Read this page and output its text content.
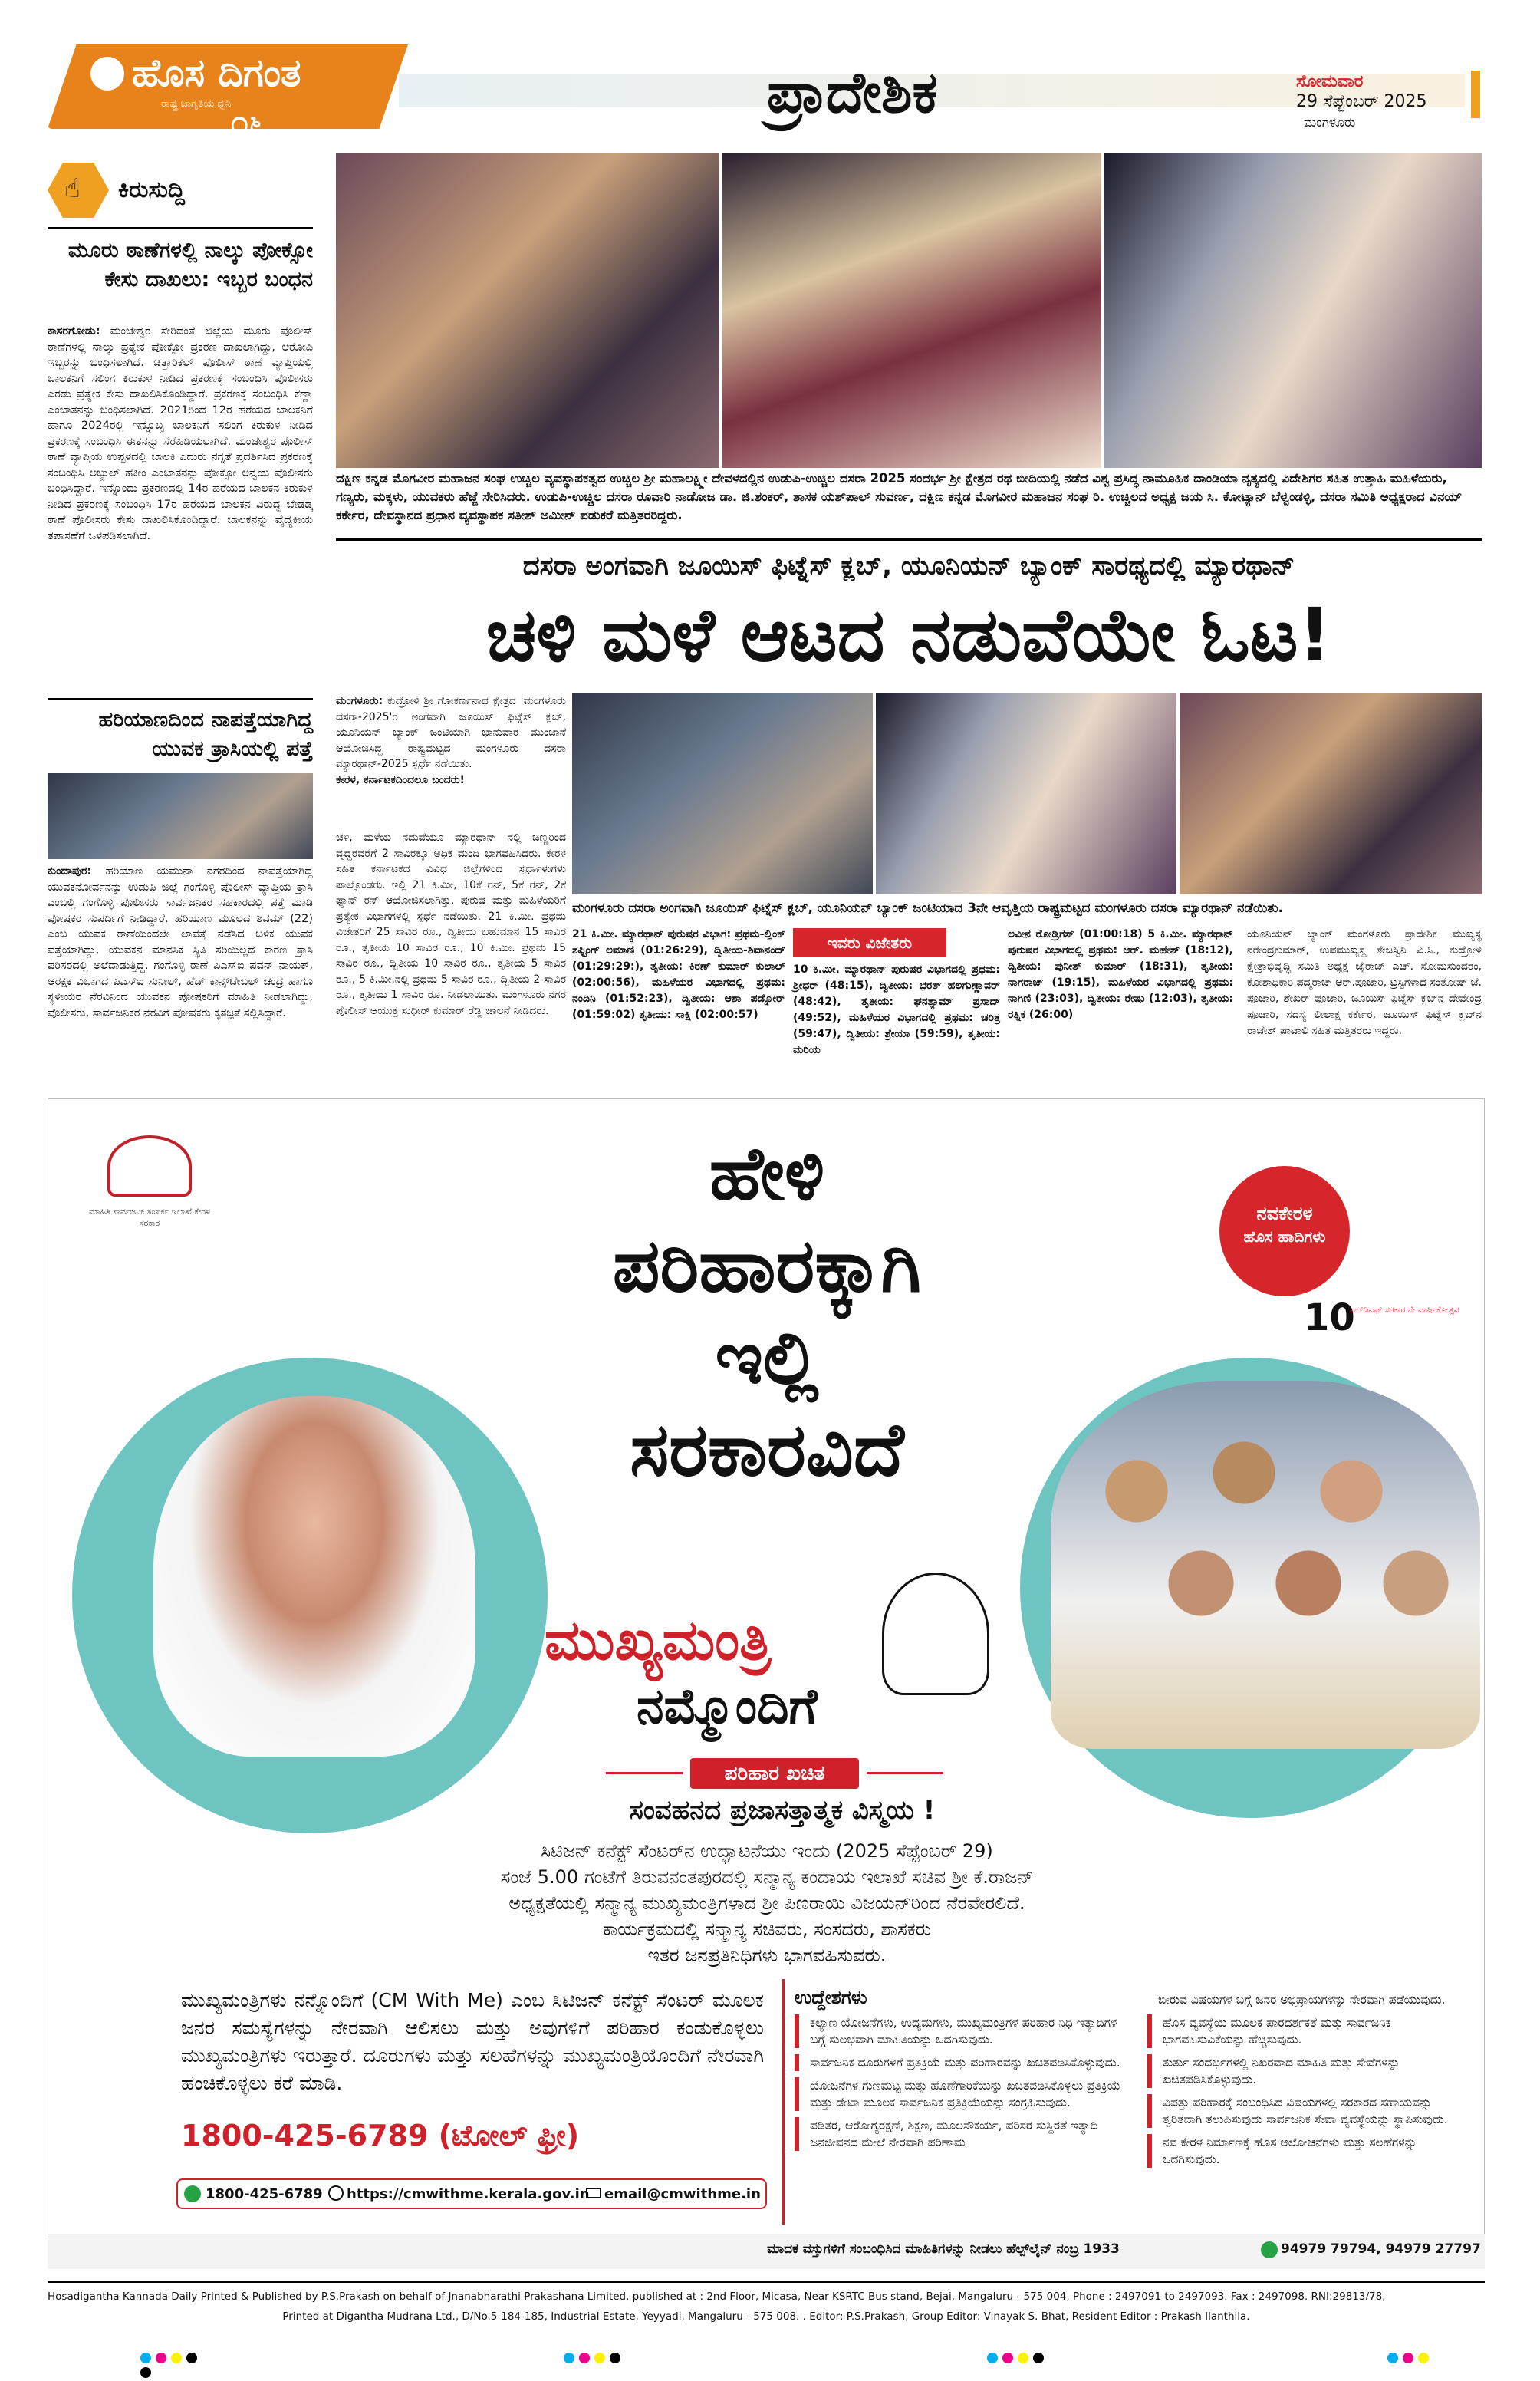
ಹೊಸ ದಿಗಂತ
ರಾಷ್ಟ್ರ ಜಾಗೃತಿಯ ಧ್ವನಿ
೦೬	ಪ್ರಾದೇಶಿಕ	ಸೋಮವಾರ
29 ಸೆಪ್ಟೆಂಬರ್ 2025
ಮಂಗಳೂರು
☝ ಕಿರುಸುದ್ದಿ
ಮೂರು ಠಾಣೆಗಳಲ್ಲಿ ನಾಲ್ಕು ಪೋಕ್ಸೋ ಕೇಸು ದಾಖಲು: ಇಬ್ಬರ ಬಂಧನ
ಕಾಸರಗೋಡು: ಮಂಜೇಶ್ವರ ಸೇರಿದಂತೆ ಜಿಲ್ಲೆಯ ಮೂರು ಪೊಲೀಸ್ ಠಾಣೆಗಳಲ್ಲಿ ನಾಲ್ಕು ಪ್ರತ್ಯೇಕ ಪೋಕ್ಸೋ ಪ್ರಕರಣ ದಾಖಲಾಗಿದ್ದು, ಆರೋಪಿ ಇಬ್ಬರನ್ನು ಬಂಧಿಸಲಾಗಿದೆ. ಚಿತ್ತಾರಿಕಲ್ ಪೊಲೀಸ್ ಠಾಣೆ ವ್ಯಾಪ್ತಿಯಲ್ಲಿ ಬಾಲಕನಿಗೆ ಸಲಿಂಗ ಕಿರುಕುಳ ನೀಡಿದ ಪ್ರಕರಣಕ್ಕೆ ಸಂಬಂಧಿಸಿ ಪೊಲೀಸರು ಎರಡು ಪ್ರತ್ಯೇಕ ಕೇಸು ದಾಖಲಿಸಿಕೊಂಡಿದ್ದಾರೆ. ಪ್ರಕರಣಕ್ಕೆ ಸಂಬಂಧಿಸಿ ಕೆಣ್ಣಾ ಎಂಬಾತನನ್ನು ಬಂಧಿಸಲಾಗಿದೆ. 2021ರಿಂದ 12ರ ಹರೆಯದ ಬಾಲಕನಿಗೆ ಹಾಗೂ 2024ರಲ್ಲಿ ಇನ್ನೊಬ್ಬ ಬಾಲಕನಿಗೆ ಸಲಿಂಗ ಕಿರುಕುಳ ನೀಡಿದ ಪ್ರಕರಣಕ್ಕೆ ಸಂಬಂಧಿಸಿ ಈತನನ್ನು ಸೆರೆಹಿಡಿಯಲಾಗಿದೆ. ಮಂಜೇಶ್ವರ ಪೊಲೀಸ್ ಠಾಣೆ ವ್ಯಾಪ್ತಿಯ ಉಪ್ಪಳದಲ್ಲಿ ಬಾಲಕಿ ಎದುರು ನಗ್ನತೆ ಪ್ರದರ್ಶಿಸಿದ ಪ್ರಕರಣಕ್ಕೆ ಸಂಬಂಧಿಸಿ ಅಬ್ದುಲ್ ಹಕೀಂ ಎಂಬಾತನನ್ನು ಪೋಕ್ಸೋ ಅನ್ವಯ ಪೊಲೀಸರು ಬಂಧಿಸಿದ್ದಾರೆ. ಇನ್ನೊಂದು ಪ್ರಕರಣದಲ್ಲಿ 14ರ ಹರೆಯದ ಬಾಲಕನ ಕಿರುಕುಳ ನೀಡಿದ ಪ್ರಕರಣಕ್ಕೆ ಸಂಬಂಧಿಸಿ 17ರ ಹರೆಯದ ಬಾಲಕನ ವಿರುದ್ಧ ಬೇಡಡ್ಕ ಠಾಣೆ ಪೊಲೀಸರು ಕೇಸು ದಾಖಲಿಸಿಕೊಂಡಿದ್ದಾರೆ. ಬಾಲಕನನ್ನು ವೈದ್ಯಕೀಯ ತಪಾಸಣೆಗೆ ಒಳಪಡಿಸಲಾಗಿದೆ.
ಹರಿಯಾಣದಿಂದ ನಾಪತ್ತೆಯಾಗಿದ್ದ ಯುವಕ ತ್ರಾಸಿಯಲ್ಲಿ ಪತ್ತೆ
ಕುಂದಾಪುರ: ಹರಿಯಾಣ ಯಮುನಾ ನಗರದಿಂದ ನಾಪತ್ತೆಯಾಗಿದ್ದ ಯುವಕನೋರ್ವನನ್ನು ಉಡುಪಿ ಜಿಲ್ಲೆ ಗಂಗೊಳ್ಳಿ ಪೊಲೀಸ್ ವ್ಯಾಪ್ತಿಯ ತ್ರಾಸಿ ಎಂಬಲ್ಲಿ ಗಂಗೊಳ್ಳಿ ಪೊಲೀಸರು ಸಾರ್ವಜನಿಕರ ಸಹಕಾರದಲ್ಲಿ ಪತ್ತೆ ಮಾಡಿ ಪೋಷಕರ ಸುಪರ್ದಿಗೆ ನೀಡಿದ್ದಾರೆ. ಹರಿಯಾಣ ಮೂಲದ ಶಿವಮ್ (22) ಎಂಬ ಯುವಕ ಠಾಣೆಯಿಂದಲೇ ಲಾಪತ್ತೆ ನಡೆಸಿದ ಬಳಿಕ ಯುವಕ ಪತ್ತೆಯಾಗಿದ್ದು, ಯುವಕನ ಮಾನಸಿಕ ಸ್ಥಿತಿ ಸರಿಯಿಲ್ಲದ ಕಾರಣ ತ್ರಾಸಿ ಪರಿಸರದಲ್ಲಿ ಅಲೆದಾಡುತ್ತಿದ್ದ. ಗಂಗೊಳ್ಳಿ ಠಾಣೆ ಪಿಎಸ್ಐ ಪವನ್ ನಾಯಕ್, ಆರಕ್ಷಕ ವಿಭಾಗದ ಪಿಎಸ್ಐ ಸುನೀಲ್, ಹೆಡ್ ಕಾನ್ಸ್‌ಟೇಬಲ್ ಚಂದ್ರ ಹಾಗೂ ಸ್ಥಳೀಯರ ನೆರವಿನಿಂದ ಯುವಕನ ಪೋಷಕರಿಗೆ ಮಾಹಿತಿ ನೀಡಲಾಗಿದ್ದು, ಪೊಲೀಸರು, ಸಾರ್ವಜನಿಕರ ನೆರವಿಗೆ ಪೋಷಕರು ಕೃತಜ್ಞತೆ ಸಲ್ಲಿಸಿದ್ದಾರೆ.
ದಕ್ಷಿಣ ಕನ್ನಡ ಮೊಗವೀರ ಮಹಾಜನ ಸಂಘ ಉಚ್ಚಿಲ ವ್ಯವಸ್ಥಾಪಕತ್ವದ ಉಚ್ಚಿಲ ಶ್ರೀ ಮಹಾಲಕ್ಷ್ಮೀ ದೇವಳದಲ್ಲಿನ ಉಡುಪಿ-ಉಚ್ಚಿಲ ದಸರಾ 2025 ಸಂದರ್ಭ ಶ್ರೀ ಕ್ಷೇತ್ರದ ರಥ ಬೀದಿಯಲ್ಲಿ ನಡೆದ ವಿಶ್ವ ಪ್ರಸಿದ್ಧ ನಾಮೂಹಿಕ ದಾಂಡಿಯಾ ನೃತ್ಯದಲ್ಲಿ ವಿದೇಶಿಗರ ಸಹಿತ ಉತ್ತಾಹಿ ಮಹಿಳೆಯರು, ಗಣ್ಯರು, ಮಕ್ಕಳು, ಯುವಕರು ಹೆಜ್ಜೆ ಸೇರಿಸಿದರು. ಉಡುಪಿ-ಉಚ್ಚಿಲ ದಸರಾ ರೂವಾರಿ ನಾಡೋಜ ಡಾ. ಜಿ.ಶಂಕರ್, ಶಾಸಕ ಯಶ್‌ಪಾಲ್ ಸುವರ್ಣ, ದಕ್ಷಿಣ ಕನ್ನಡ ಮೊಗವೀರ ಮಹಾಜನ ಸಂಘ ರಿ. ಉಚ್ಚಿಲದ ಅಧ್ಯಕ್ಷ ಜಯ ಸಿ. ಕೋಟ್ಯಾನ್ ಬೆಳ್ವಂಡಳ್ಳಿ, ದಸರಾ ಸಮಿತಿ ಅಧ್ಯಕ್ಷರಾದ ವಿನಯ್ ಕರ್ಕೇರ, ದೇವಸ್ಥಾನದ ಪ್ರಧಾನ ವ್ಯವಸ್ಥಾಪಕ ಸತೀಶ್ ಅಮೀನ್ ಪಡುಕರೆ ಮತ್ತಿತರರಿದ್ದರು.
ದಸರಾ ಅಂಗವಾಗಿ ಜೂಯಿಸ್ ಫಿಟ್ನೆಸ್ ಕ್ಲಬ್, ಯೂನಿಯನ್ ಬ್ಯಾಂಕ್ ಸಾರಥ್ಯದಲ್ಲಿ ಮ್ಯಾರಥಾನ್
ಚಳಿ ಮಳೆ ಆಟದ ನಡುವೆಯೇ ಓಟ!
ಮಂಗಳೂರು: ಕುದ್ರೋಳಿ ಶ್ರೀ ಗೋಕರ್ಣನಾಥ ಕ್ಷೇತ್ರದ 'ಮಂಗಳೂರು ದಸರಾ-2025'ರ ಅಂಗವಾಗಿ ಜೂಯಿಸ್ ಫಿಟ್ನೆಸ್ ಕ್ಲಬ್, ಯೂನಿಯನ್ ಬ್ಯಾಂಕ್ ಜಂಟಿಯಾಗಿ ಭಾನುವಾರ ಮುಂಜಾನೆ ಆಯೋಜಿಸಿದ್ದ ರಾಷ್ಟ್ರಮಟ್ಟದ ಮಂಗಳೂರು ದಸರಾ ಮ್ಯಾರಥಾನ್-2025 ಸ್ಪರ್ಧೆ ನಡೆಯಿತು.
ಕೇರಳ, ಕರ್ನಾಟಕದಿಂದಲೂ ಬಂದರು!
ಚಳಿ, ಮಳೆಯ ನಡುವೆಯೂ ಮ್ಯಾರಥಾನ್ ನಲ್ಲಿ ಚಿಣ್ಣರಿಂದ ವೃದ್ಧರವರೆಗೆ 2 ಸಾವಿರಕ್ಕೂ ಅಧಿಕ ಮಂದಿ ಭಾಗವಹಿಸಿದರು. ಕೇರಳ ಸಹಿತ ಕರ್ನಾಟಕದ ವಿವಿಧ ಜಿಲ್ಲೆಗಳಿಂದ ಸ್ಪರ್ಧಾಳುಗಳು ಪಾಲ್ಗೊಂಡರು. ಇಲ್ಲಿ 21 ಕಿ.ಮೀ, 10ಕೆ ರನ್, 5ಕೆ ರನ್, 2ಕೆ ಫ್ಯಾನ್ ರನ್ ಆಯೋಜಿಸಲಾಗಿತ್ತು. ಪುರುಷ ಮತ್ತು ಮಹಿಳೆಯರಿಗೆ ಪ್ರತ್ಯೇಕ ವಿಭಾಗಗಳಲ್ಲಿ ಸ್ಪರ್ಧೆ ನಡೆಯಿತು. 21 ಕಿ.ಮೀ. ಪ್ರಥಮ ವಿಜೇತರಿಗೆ 25 ಸಾವಿರ ರೂ., ದ್ವಿತೀಯ ಬಹುಮಾನ 15 ಸಾವಿರ ರೂ., ತೃತೀಯ 10 ಸಾವಿರ ರೂ., 10 ಕಿ.ಮೀ. ಪ್ರಥಮ 15 ಸಾವಿರ ರೂ., ದ್ವಿತೀಯ 10 ಸಾವಿರ ರೂ., ತೃತೀಯ 5 ಸಾವಿರ ರೂ., 5 ಕಿ.ಮೀ.ನಲ್ಲಿ ಪ್ರಥಮ 5 ಸಾವಿರ ರೂ., ದ್ವಿತೀಯ 2 ಸಾವಿರ ರೂ., ತೃತೀಯ 1 ಸಾವಿರ ರೂ. ನೀಡಲಾಯಿತು. ಮಂಗಳೂರು ನಗರ ಪೊಲೀಸ್ ಆಯುಕ್ತ ಸುಧೀರ್ ಕುಮಾರ್ ರೆಡ್ಡಿ ಚಾಲನೆ ನೀಡಿದರು.
ಮಂಗಳೂರು ದಸರಾ ಅಂಗವಾಗಿ ಜೂಯಿಸ್ ಫಿಟ್ನೆಸ್ ಕ್ಲಬ್, ಯೂನಿಯನ್ ಬ್ಯಾಂಕ್ ಜಂಟಿಯಾದ 3ನೇ ಆವೃತ್ತಿಯ ರಾಷ್ಟ್ರಮಟ್ಟದ ಮಂಗಳೂರು ದಸರಾ ಮ್ಯಾರಥಾನ್ ನಡೆಯಿತು.
21 ಕಿ.ಮೀ. ಮ್ಯಾರಥಾನ್ ಪುರುಷರ ವಿಭಾಗ: ಪ್ರಥಮ-ಲ್ಲಿಂಕ್ ಶಫ್ಟಿಂಗ್ ಲಮಾಣಿ (01:26:29), ದ್ವಿತೀಯ-ಶಿವಾನಂದ್ (01:29:29:), ತೃತೀಯ: ಕಿರಣ್ ಕುಮಾರ್ ಕುಲಾಲ್ (02:00:56), ಮಹಿಳೆಯರ ವಿಭಾಗದಲ್ಲಿ ಪ್ರಥಮ: ನಂದಿನಿ (01:52:23), ದ್ವಿತೀಯ: ಆಶಾ ಪಡ್ನೋರ್ (01:59:02) ತೃತೀಯ: ಸಾಕ್ಷಿ (02:00:57)
ಇವರು ವಿಜೇತರು
10 ಕಿ.ಮೀ. ಮ್ಯಾರಥಾನ್ ಪುರುಷರ ವಿಭಾಗದಲ್ಲಿ ಪ್ರಥಮ: ಶ್ರೀಧರ್ (48:15), ದ್ವಿತೀಯ: ಭರತ್ ಹಲಗುಣ್ಣಾವರ್ (48:42), ತೃತೀಯ: ಘನಶ್ಯಾಮ್ ಪ್ರಸಾದ್ (49:52), ಮಹಿಳೆಯರ ವಿಭಾಗದಲ್ಲಿ ಪ್ರಥಮ: ಚರಿತ್ರ (59:47), ದ್ವಿತೀಯ: ಶ್ರೇಯಾ (59:59), ತೃತೀಯ: ಮರಿಯ
ಲವೀನ ರೋಡ್ರಿಗಸ್ (01:00:18) 5 ಕಿ.ಮೀ. ಮ್ಯಾರಥಾನ್ ಪುರುಷರ ವಿಭಾಗದಲ್ಲಿ ಪ್ರಥಮ: ಆರ್. ಮಹೇಶ್ (18:12), ದ್ವಿತೀಯ: ಪುನೀತ್ ಕುಮಾರ್ (18:31), ತೃತೀಯ: ನಾಗರಾಜ್ (19:15), ಮಹಿಳೆಯರ ವಿಭಾಗದಲ್ಲಿ ಪ್ರಥಮ: ನಾಗಿಣಿ (23:03), ದ್ವಿತೀಯ: ರೇಷು (12:03), ತೃತೀಯ: ರತ್ನಿಕ (26:00)
ಯೂನಿಯನ್ ಬ್ಯಾಂಕ್ ಮಂಗಳೂರು ಪ್ರಾದೇಶಿಕ ಮುಖ್ಯಸ್ಥ ನರೇಂದ್ರಕುಮಾರ್, ಉಪಮುಖ್ಯಸ್ಥ ತೇಜಸ್ವಿನಿ ವಿ.ಸಿ., ಕುದ್ರೋಳಿ ಕ್ಷೇತ್ರಾಭಿವೃದ್ಧಿ ಸಮಿತಿ ಅಧ್ಯಕ್ಷ ಜೈರಾಜ್ ಎಚ್. ಸೋಮಸುಂದರಂ, ಕೋಶಾಧಿಕಾರಿ ಪದ್ಮರಾಜ್ ಆರ್.ಪೂಜಾರಿ, ಟ್ರಸ್ಟಿಗಳಾದ ಸಂತೋಷ್ ಜೆ. ಪೂಜಾರಿ, ಶೇಖರ್ ಪೂಜಾರಿ, ಜೂಯಿಸ್ ಫಿಟ್ನೆಸ್ ಕ್ಲಬ್‌ನ ದೇವೇಂದ್ರ ಪೂಜಾರಿ, ಸದಸ್ಯ ಲೀಲಾಕ್ಷ ಕರ್ಕೇರ, ಜೂಯಿಸ್ ಫಿಟ್ನೆಸ್ ಕ್ಲಬ್‌ನ ರಾಜೇಶ್ ಪಾಟಾಲಿ ಸಹಿತ ಮತ್ತಿತರರು ಇದ್ದರು.
ಮಾಹಿತಿ ಸಾರ್ವಜನಿಕ ಸಂಪರ್ಕ ಇಲಾಖೆ ಕೇರಳ ಸರಕಾರ	ನವಕೇರಳ
ಹೊಸ ಹಾದಿಗಳು
10
ಎಲ್‌ಡಿಎಫ್ ಸರಕಾರ ನೇ ವಾರ್ಷಿಕೋತ್ಸವ
ಹೇಳಿ
ಪರಿಹಾರಕ್ಕಾಗಿ
ಇಲ್ಲಿ
ಸರಕಾರವಿದೆ
ಮುಖ್ಯಮಂತ್ರಿ
ನಮ್ಮೊಂದಿಗೆ
ಪರಿಹಾರ ಖಚಿತ
ಸಂವಹನದ ಪ್ರಜಾಸತ್ತಾತ್ಮಕ ವಿಸ್ಮಯ !
ಸಿಟಿಜನ್ ಕನೆಕ್ಟ್ ಸೆಂಟರ್‌ನ ಉದ್ಘಾಟನೆಯು ಇಂದು (2025 ಸೆಪ್ಟೆಂಬರ್ 29)
ಸಂಜೆ 5.00 ಗಂಟೆಗೆ ತಿರುವನಂತಪುರದಲ್ಲಿ ಸನ್ಮಾನ್ಯ ಕಂದಾಯ ಇಲಾಖೆ ಸಚಿವ ಶ್ರೀ ಕೆ.ರಾಜನ್
ಅಧ್ಯಕ್ಷತೆಯಲ್ಲಿ ಸನ್ಮಾನ್ಯ ಮುಖ್ಯಮಂತ್ರಿಗಳಾದ ಶ್ರೀ ಪಿಣರಾಯಿ ವಿಜಯನ್‌ರಿಂದ ನೆರವೇರಲಿದೆ.
ಕಾರ್ಯಕ್ರಮದಲ್ಲಿ ಸನ್ಮಾನ್ಯ ಸಚಿವರು, ಸಂಸದರು, ಶಾಸಕರು
ಇತರ ಜನಪ್ರತಿನಿಧಿಗಳು ಭಾಗವಹಿಸುವರು.
ಮುಖ್ಯಮಂತ್ರಿಗಳು ನನ್ನೊಂದಿಗೆ (CM With Me) ಎಂಬ ಸಿಟಿಜನ್ ಕನೆಕ್ಟ್ ಸೆಂಟರ್ ಮೂಲಕ ಜನರ ಸಮಸ್ಯೆಗಳನ್ನು ನೇರವಾಗಿ ಆಲಿಸಲು ಮತ್ತು ಅವುಗಳಿಗೆ ಪರಿಹಾರ ಕಂಡುಕೊಳ್ಳಲು ಮುಖ್ಯಮಂತ್ರಿಗಳು ಇರುತ್ತಾರೆ. ದೂರುಗಳು ಮತ್ತು ಸಲಹೆಗಳನ್ನು ಮುಖ್ಯಮಂತ್ರಿಯೊಂದಿಗೆ ನೇರವಾಗಿ ಹಂಚಿಕೊಳ್ಳಲು ಕರೆ ಮಾಡಿ.
1800-425-6789 (ಟೋಲ್ ಫ್ರೀ)
1800-425-6789 https://cmwithme.kerala.gov.in email@cmwithme.in
ಉದ್ದೇಶಗಳು
ಕಲ್ಯಾಣ ಯೋಜನೆಗಳು, ಉದ್ಯಮಗಳು, ಮುಖ್ಯಮಂತ್ರಿಗಳ ಪರಿಹಾರ ನಿಧಿ ಇತ್ಯಾದಿಗಳ ಬಗ್ಗೆ ಸುಲಭವಾಗಿ ಮಾಹಿತಿಯನ್ನು ಒದಗಿಸುವುದು.
ಸಾರ್ವಜನಿಕ ದೂರುಗಳಿಗೆ ಪ್ರತಿಕ್ರಿಯೆ ಮತ್ತು ಪರಿಹಾರವನ್ನು ಖಚಿತಪಡಿಸಿಕೊಳ್ಳುವುದು.
ಯೋಜನೆಗಳ ಗುಣಮಟ್ಟ ಮತ್ತು ಹೊಣೆಗಾರಿಕೆಯನ್ನು ಖಚಿತಪಡಿಸಿಕೊಳ್ಳಲು ಪ್ರತಿಕ್ರಿಯೆ ಮತ್ತು ಡೇಟಾ ಮೂಲಕ ಸಾರ್ವಜನಿಕ ಪ್ರತಿಕ್ರಿಯೆಯನ್ನು ಸಂಗ್ರಹಿಸುವುದು.
ಪಡಿತರ, ಆರೋಗ್ಯರಕ್ಷಣೆ, ಶಿಕ್ಷಣ, ಮೂಲಸೌಕರ್ಯ, ಪರಿಸರ ಸುಸ್ಥಿರತೆ ಇತ್ಯಾದಿ ಜನಜೀವನದ ಮೇಲೆ ನೇರವಾಗಿ ಪರಿಣಾಮ
ಬೀರುವ ವಿಷಯಗಳ ಬಗ್ಗೆ ಜನರ ಅಭಿಪ್ರಾಯಗಳನ್ನು ನೇರವಾಗಿ ಪಡೆಯುವುದು.
ಹೊಸ ವ್ಯವಸ್ಥೆಯ ಮೂಲಕ ಪಾರದರ್ಶಕತೆ ಮತ್ತು ಸಾರ್ವಜನಿಕ ಭಾಗವಹಿಸುವಿಕೆಯನ್ನು ಹೆಚ್ಚಿಸುವುದು.
ತುರ್ತು ಸಂದರ್ಭಗಳಲ್ಲಿ ನಿಖರವಾದ ಮಾಹಿತಿ ಮತ್ತು ಸೇವೆಗಳನ್ನು ಖಚಿತಪಡಿಸಿಕೊಳ್ಳುವುದು.
ವಿಪತ್ತು ಪರಿಹಾರಕ್ಕೆ ಸಂಬಂಧಿಸಿದ ವಿಷಯಗಳಲ್ಲಿ ಸರಕಾರದ ಸಹಾಯವನ್ನು ತ್ವರಿತವಾಗಿ ತಲುಪಿಸುವುದು ಸಾರ್ವಜನಿಕ ಸೇವಾ ವ್ಯವಸ್ಥೆಯನ್ನು ಸ್ಥಾಪಿಸುವುದು.
ನವ ಕೇರಳ ನಿರ್ಮಾಣಕ್ಕೆ ಹೊಸ ಆಲೋಚನೆಗಳು ಮತ್ತು ಸಲಹೆಗಳನ್ನು ಒದಗಿಸುವುದು.
ಮಾದಕ ವಸ್ತುಗಳಿಗೆ ಸಂಬಂಧಿಸಿದ ಮಾಹಿತಿಗಳನ್ನು ನೀಡಲು ಹೆಲ್ಪ್‌ಲೈನ್ ನಂಬ್ರ 1933	94979 79794, 94979 27797
Hosadigantha Kannada Daily Printed & Published by P.S.Prakash on behalf of Jnanabharathi Prakashana Limited. published at : 2nd Floor, Micasa, Near KSRTC Bus stand, Bejai, Mangaluru - 575 004, Phone : 2497091 to 2497093. Fax : 2497098. RNI:29813/78,
Printed at Digantha Mudrana Ltd., D/No.5-184-185, Industrial Estate, Yeyyadi, Mangaluru - 575 008. . Editor: P.S.Prakash, Group Editor: Vinayak S. Bhat, Resident Editor : Prakash Ilanthila.
